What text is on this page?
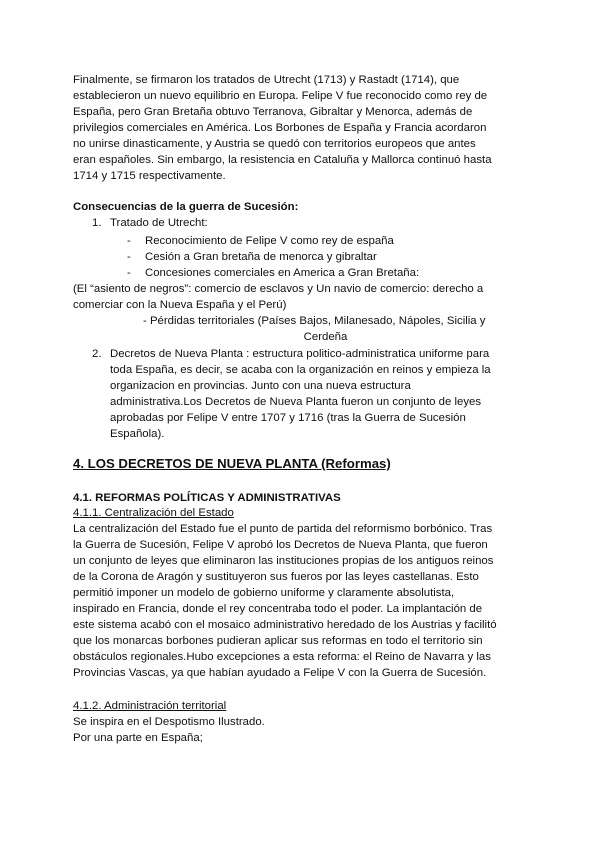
Finalmente, se firmaron los tratados de Utrecht (1713) y Rastadt (1714), que
establecieron un nuevo equilibrio en Europa. Felipe V fue reconocido como rey de
España, pero Gran Bretaña obtuvo Terranova, Gibraltar y Menorca, además de
privilegios comerciales en América. Los Borbones de España y Francia acordaron
no unirse dinasticamente, y Austria se quedó con territorios europeos que antes
eran españoles. Sin embargo, la resistencia en Cataluña y Mallorca continuó hasta
1714 y 1715 respectivamente.
Consecuencias de la guerra de Sucesión:
1. Tratado de Utrecht:
- Reconocimiento de Felipe V como rey de españa
- Cesión a Gran bretaña de menorca y gibraltar
- Concesiones comerciales en America a Gran Bretaña:
(El “asiento de negros”: comercio de esclavos y Un navio de comercio: derecho a
comerciar con la Nueva España y el Perú)
- Pérdidas territoriales (Países Bajos, Milanesado, Nápoles, Sicilia y
Cerdeña
2. Decretos de Nueva Planta : estructura politico-administratica uniforme para
toda España, es decir, se acaba con la organización en reinos y empieza la
organizacion en provincias. Junto con una nueva estructura
administrativa.Los Decretos de Nueva Planta fueron un conjunto de leyes
aprobadas por Felipe V entre 1707 y 1716 (tras la Guerra de Sucesión
Española).
4. LOS DECRETOS DE NUEVA PLANTA (Reformas)
4.1. REFORMAS POLÍTICAS Y ADMINISTRATIVAS
4.1.1. Centralización del Estado
La centralización del Estado fue el punto de partida del reformismo borbónico. Tras
la Guerra de Sucesión, Felipe V aprobó los Decretos de Nueva Planta, que fueron
un conjunto de leyes que eliminaron las instituciones propias de los antiguos reinos
de la Corona de Aragón y sustituyeron sus fueros por las leyes castellanas. Esto
permitió imponer un modelo de gobierno uniforme y claramente absolutista,
inspirado en Francia, donde el rey concentraba todo el poder. La implantación de
este sistema acabó con el mosaico administrativo heredado de los Austrias y facilitó
que los monarcas borbones pudieran aplicar sus reformas en todo el territorio sin
obstáculos regionales.Hubo excepciones a esta reforma: el Reino de Navarra y las
Provincias Vascas, ya que habían ayudado a Felipe V con la Guerra de Sucesión.
4.1.2. Administración territorial
Se inspira en el Despotismo Ilustrado.
Por una parte en España;
